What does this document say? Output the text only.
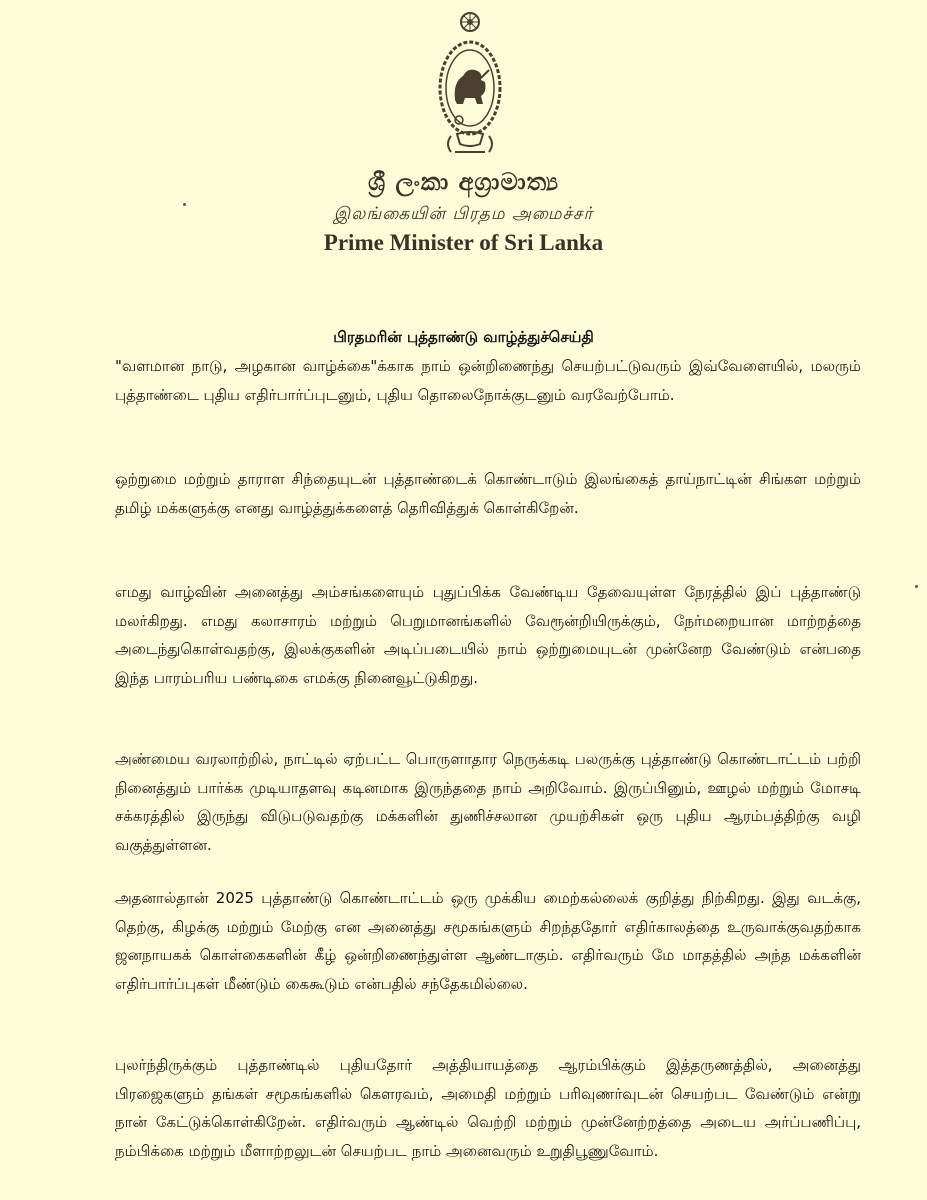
ශ්‍රී ලංකා අග්‍රාමාත්‍ය
இலங்கையின் பிரதம அமைச்சர்
Prime Minister of Sri Lanka
பிரதமரின் புத்தாண்டு வாழ்த்துச்செய்தி

"வளமான நாடு, அழகான வாழ்க்கை"க்காக நாம் ஒன்றிணைந்து செயற்பட்டுவரும் இவ்வேளையில், மலரும் புத்தாண்டை புதிய எதிர்பார்ப்புடனும், புதிய தொலைநோக்குடனும் வரவேற்போம்.

ஒற்றுமை மற்றும் தாராள சிந்தையுடன் புத்தாண்டைக் கொண்டாடும் இலங்கைத் தாய்நாட்டின் சிங்கள மற்றும் தமிழ் மக்களுக்கு எனது வாழ்த்துக்களைத் தெரிவித்துக் கொள்கிறேன்.

எமது வாழ்வின் அனைத்து அம்சங்களையும் புதுப்பிக்க வேண்டிய தேவையுள்ள நேரத்தில் இப் புத்தாண்டு மலர்கிறது. எமது கலாசாரம் மற்றும் பெறுமானங்களில் வேரூன்றியிருக்கும், நேர்மறையான மாற்றத்தை அடைந்துகொள்வதற்கு, இலக்குகளின் அடிப்படையில் நாம் ஒற்றுமையுடன் முன்னேற வேண்டும் என்பதை இந்த பாரம்பரிய பண்டிகை எமக்கு நினைவூட்டுகிறது.

அண்மைய வரலாற்றில், நாட்டில் ஏற்பட்ட பொருளாதார நெருக்கடி பலருக்கு புத்தாண்டு கொண்டாட்டம் பற்றி நினைத்தும் பார்க்க முடியாதளவு கடினமாக இருந்ததை நாம் அறிவோம். இருப்பினும், ஊழல் மற்றும் மோசடி சக்கரத்தில் இருந்து விடுபடுவதற்கு மக்களின் துணிச்சலான முயற்சிகள் ஒரு புதிய ஆரம்பத்திற்கு வழி வகுத்துள்ளன.

அதனால்தான் 2025 புத்தாண்டு கொண்டாட்டம் ஒரு முக்கிய மைற்கல்லைக் குறித்து நிற்கிறது. இது வடக்கு, தெற்கு, கிழக்கு மற்றும் மேற்கு என அனைத்து சமூகங்களும் சிறந்ததோர் எதிர்காலத்தை உருவாக்குவதற்காக ஜனநாயகக் கொள்கைகளின் கீழ் ஒன்றிணைந்துள்ள ஆண்டாகும். எதிர்வரும் மே மாதத்தில் அந்த மக்களின் எதிர்பார்ப்புகள் மீண்டும் கைகூடும் என்பதில் சந்தேகமில்லை.

புலர்ந்திருக்கும் புத்தாண்டில் புதியதோர் அத்தியாயத்தை ஆரம்பிக்கும் இத்தருணத்தில், அனைத்து பிரஜைகளும் தங்கள் சமூகங்களில் கௌரவம், அமைதி மற்றும் பரிவுணர்வுடன் செயற்பட வேண்டும் என்று நான் கேட்டுக்கொள்கிறேன். எதிர்வரும் ஆண்டில் வெற்றி மற்றும் முன்னேற்றத்தை அடைய அர்ப்பணிப்பு, நம்பிக்கை மற்றும் மீளாற்றலுடன் செயற்பட நாம் அனைவரும் உறுதிபூணுவோம்.
